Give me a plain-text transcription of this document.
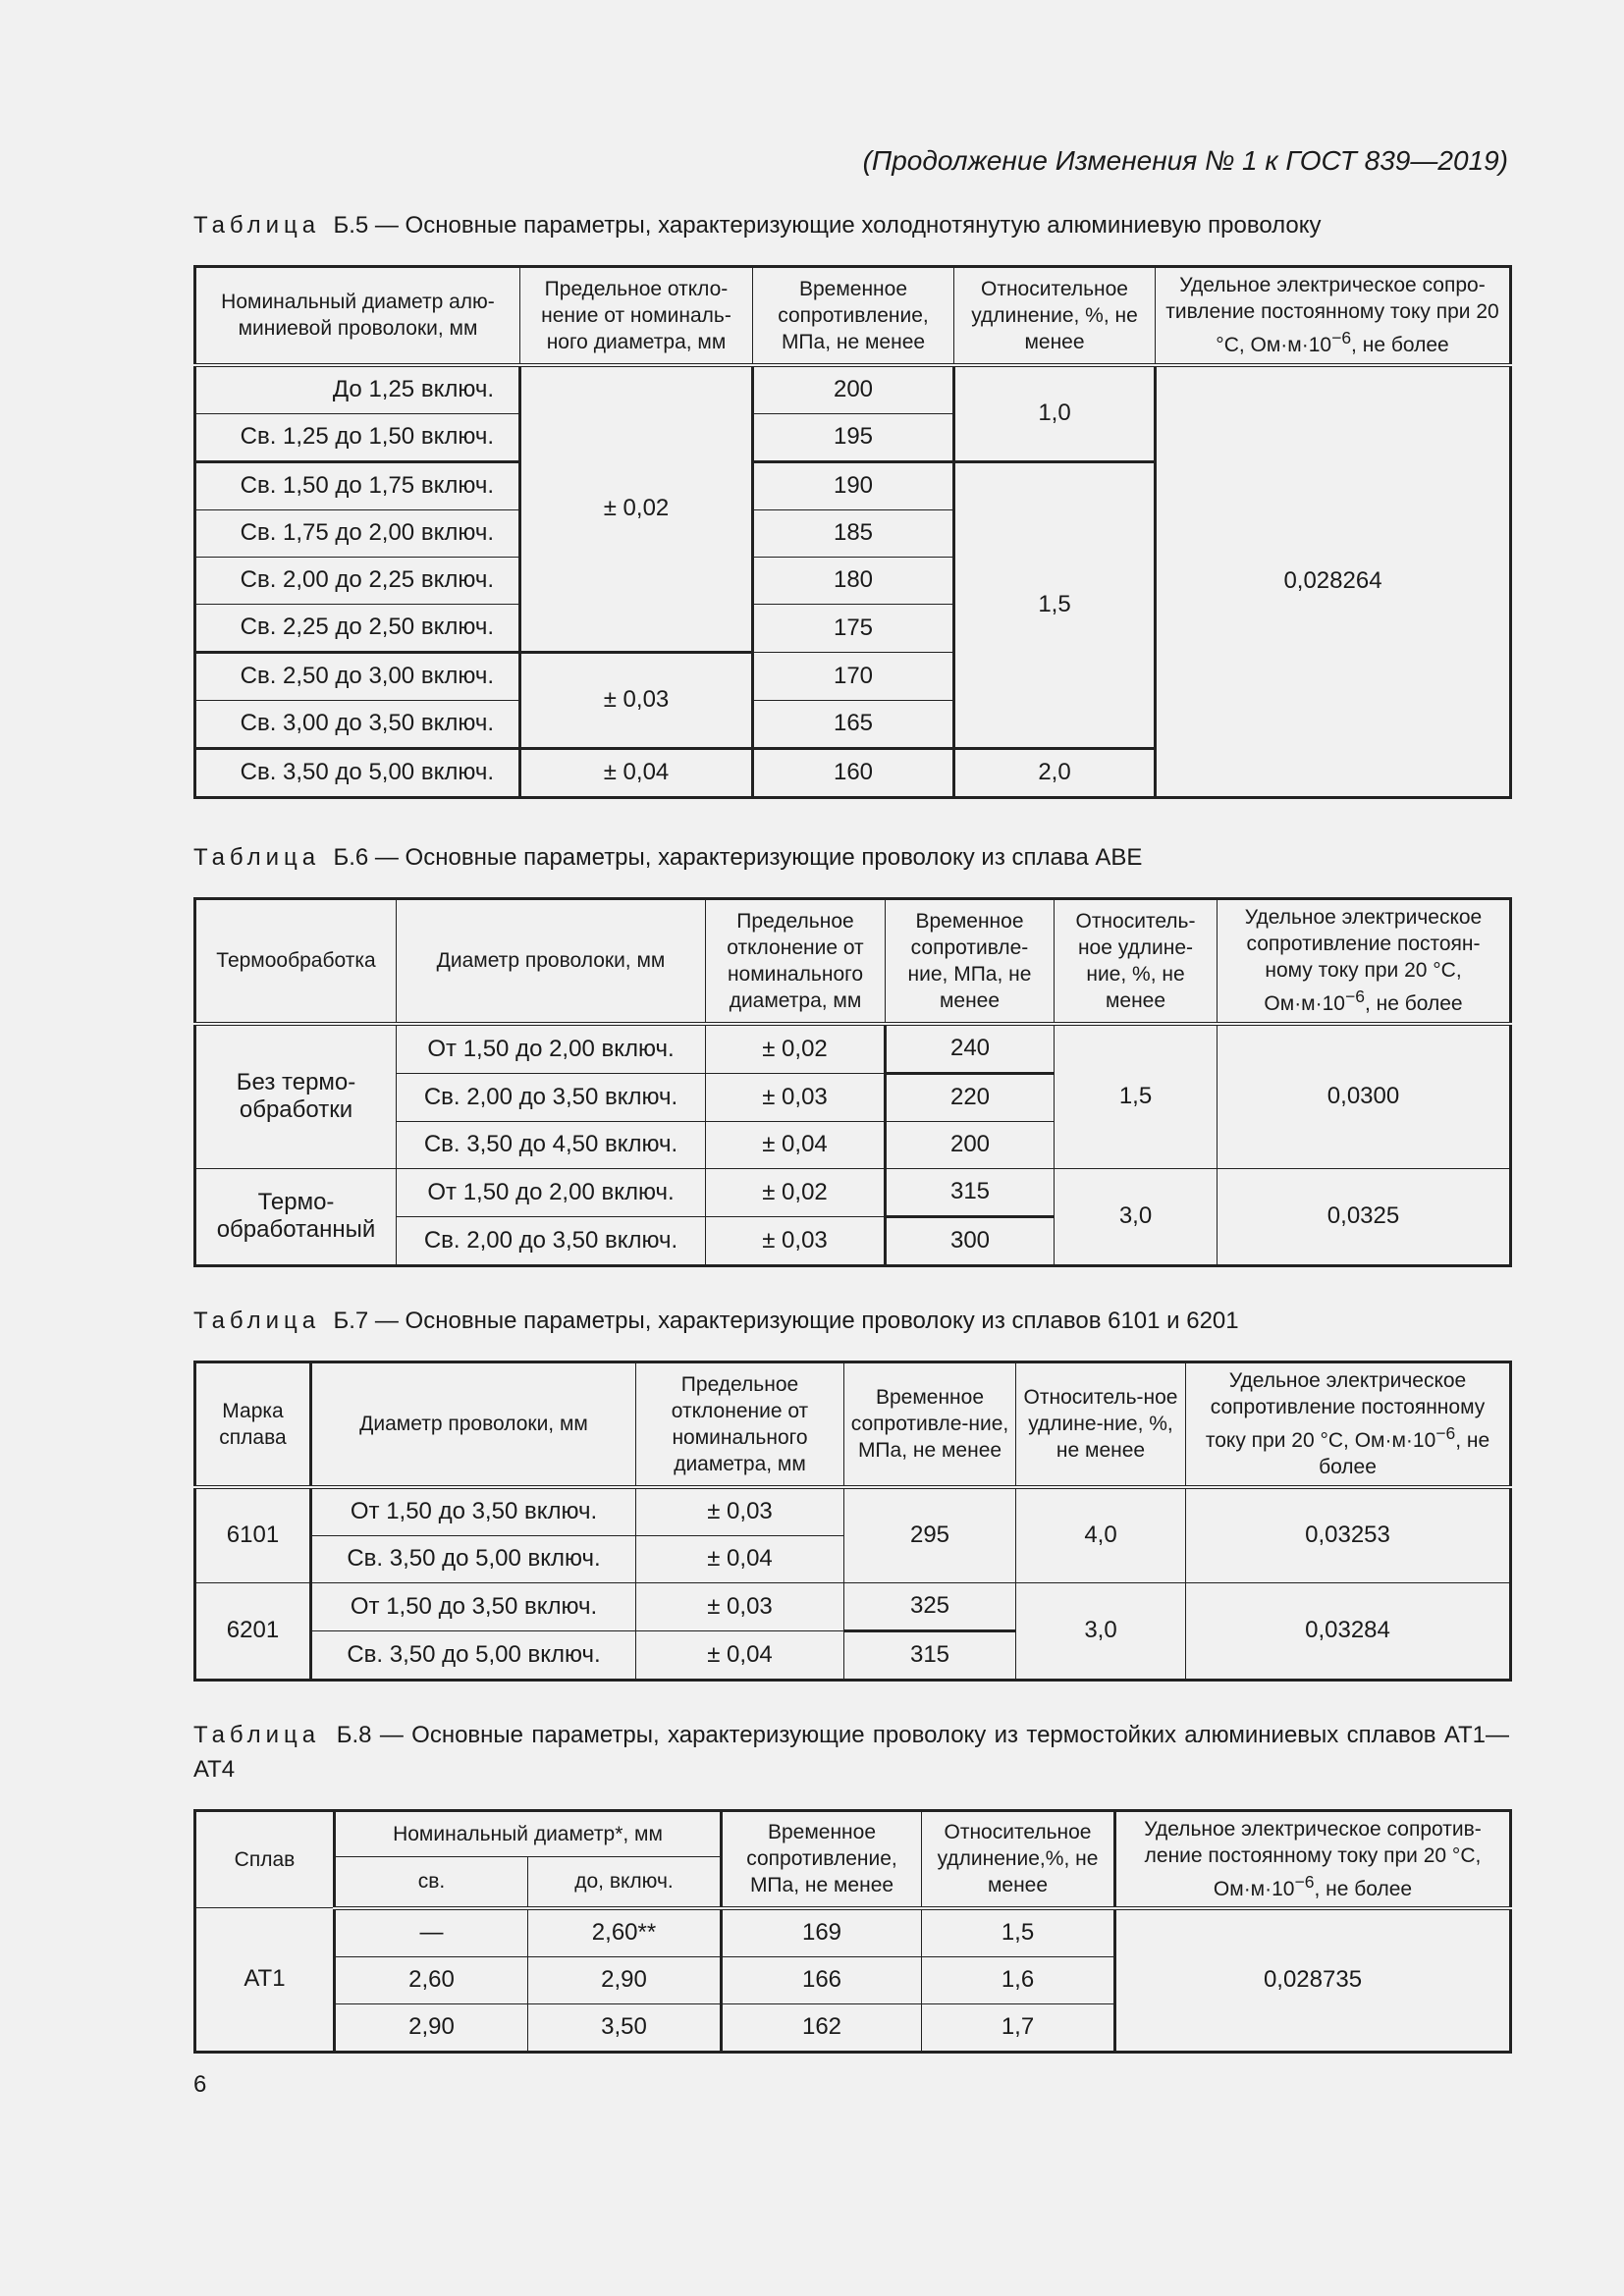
(Продолжение Изменения № 1 к ГОСТ 839—2019)
Таблица Б.5 — Основные параметры, характеризующие холоднотянутую алюминиевую проволоку
Номинальный диаметр алю-миниевой проволоки, мм	Предельное откло-нение от номиналь-ного диаметра, мм	Временное сопротивление, МПа, не менее	Относительное удлинение, %, не менее	Удельное электрическое сопро-тивление постоянному току при 20 °С, $Ом\cdot м\cdot 10^{-6}$, не более
До 1,25 включ.	± 0,02	200	1,0	0,028264
Св. 1,25 до 1,50 включ.		195		
Св. 1,50 до 1,75 включ.		190	1,5	
Св. 1,75 до 2,00 включ.		185		
Св. 2,00 до 2,25 включ.		180		
Св. 2,25 до 2,50 включ.		175		
Св. 2,50 до 3,00 включ.	± 0,03	170		
Св. 3,00 до 3,50 включ.		165		
Св. 3,50 до 5,00 включ.	± 0,04	160	2,0	
Таблица Б.6 — Основные параметры, характеризующие проволоку из сплава АВЕ
Термообработка	Диаметр проволоки, мм	Предельное отклонение от номинального диаметра, мм	Временное сопротивле-ние, МПа, не менее	Относитель-ное удлине-ние, %, не менее	Удельное электрическое сопротивление постоян-ному току при 20 °С, $Ом\cdot м\cdot 10^{-6}$, не более
Без термо-обработки	От 1,50 до 2,00 включ.	± 0,02	240	1,5	0,0300
	Св. 2,00 до 3,50 включ.	± 0,03	220		
	Св. 3,50 до 4,50 включ.	± 0,04	200		
Термо-обработанный	От 1,50 до 2,00 включ.	± 0,02	315	3,0	0,0325
	Св. 2,00 до 3,50 включ.	± 0,03	300		
Таблица Б.7 — Основные параметры, характеризующие проволоку из сплавов 6101 и 6201
Марка сплава	Диаметр проволоки, мм	Предельное отклонение от номинального диаметра, мм	Временное сопротивле-ние, МПа, не менее	Относитель-ное удлине-ние, %, не менее	Удельное электрическое сопротивление постоянному току при 20 °С, $Ом\cdot м\cdot 10^{-6}$, не более
6101	От 1,50 до 3,50 включ.	± 0,03	295	4,0	0,03253
	Св. 3,50 до 5,00 включ.	± 0,04			
6201	От 1,50 до 3,50 включ.	± 0,03	325	3,0	0,03284
	Св. 3,50 до 5,00 включ.	± 0,04	315		
Таблица Б.8 — Основные параметры, характеризующие проволоку из термостойких алюминиевых сплавов АТ1—АТ4
Сплав	Номинальный диаметр*, мм		Временное сопротивление, МПа, не менее	Относительное удлинение,%, не менее	Удельное электрическое сопротив-ление постоянному току при 20 °С, $Ом\cdot м\cdot 10^{-6}$, не более
	св.	до, включ.			
АТ1	—	2,60**	169	1,5	0,028735
	2,60	2,90	166	1,6	
	2,90	3,50	162	1,7	
6
